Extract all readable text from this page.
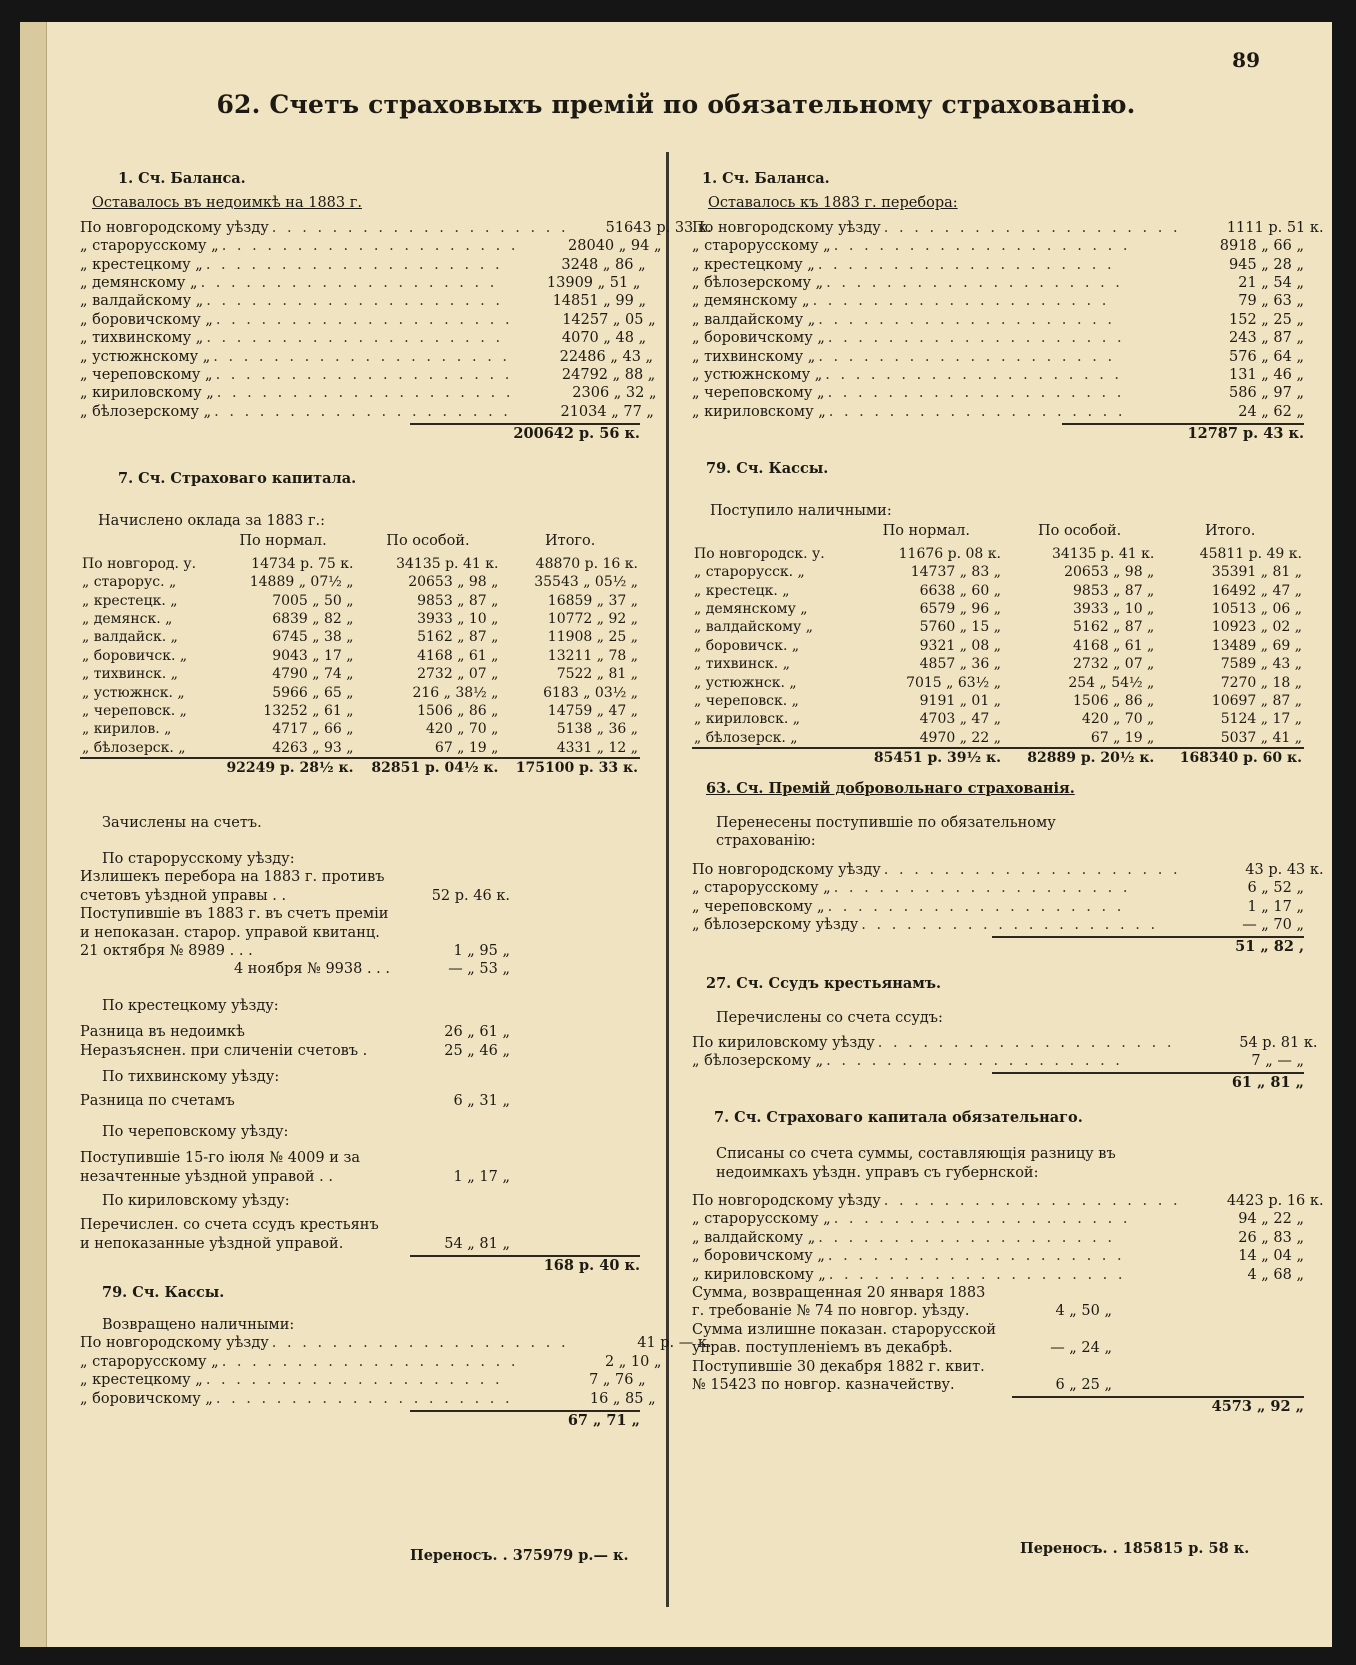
89
62. Счетъ страховыхъ премій по обязательному страхованію.
1. Сч. Баланса.
Оставалось въ недоимкѣ на 1883 г.
По новгородскому уѣзду . . . . . . . . . . . . . . . . . . . .	51643 р. 33 к.
„ старорусскому „ . . . . . . . . . . . . . . . . . . . .	28040 „ 94 „
„ крестецкому „ . . . . . . . . . . . . . . . . . . . .	3248 „ 86 „
„ демянскому „ . . . . . . . . . . . . . . . . . . . .	13909 „ 51 „
„ валдайскому „ . . . . . . . . . . . . . . . . . . . .	14851 „ 99 „
„ боровичскому „ . . . . . . . . . . . . . . . . . . . .	14257 „ 05 „
„ тихвинскому „ . . . . . . . . . . . . . . . . . . . .	4070 „ 48 „
„ устюжнскому „ . . . . . . . . . . . . . . . . . . . .	22486 „ 43 „
„ череповскому „ . . . . . . . . . . . . . . . . . . . .	24792 „ 88 „
„ кириловскому „ . . . . . . . . . . . . . . . . . . . .	2306 „ 32 „
„ бѣлозерскому „ . . . . . . . . . . . . . . . . . . . .	21034 „ 77 „
200642 р. 56 к.
7. Сч. Страховаго капитала.
Начислено оклада за 1883 г.:
	По нормал.	По особой.	Итого.
По новгород. у.	14734 р. 75 к.	34135 р. 41 к.	48870 р. 16 к.
„ старорус. „	14889 „ 07½ „	20653 „ 98 „	35543 „ 05½ „
„ крестецк. „	7005 „ 50 „	9853 „ 87 „	16859 „ 37 „
„ демянск. „	6839 „ 82 „	3933 „ 10 „	10772 „ 92 „
„ валдайск. „	6745 „ 38 „	5162 „ 87 „	11908 „ 25 „
„ боровичск. „	9043 „ 17 „	4168 „ 61 „	13211 „ 78 „
„ тихвинск. „	4790 „ 74 „	2732 „ 07 „	7522 „ 81 „
„ устюжнск. „	5966 „ 65 „	216 „ 38½ „	6183 „ 03½ „
„ череповск. „	13252 „ 61 „	1506 „ 86 „	14759 „ 47 „
„ кирилов. „	4717 „ 66 „	420 „ 70 „	5138 „ 36 „
„ бѣлозерск. „	4263 „ 93 „	67 „ 19 „	4331 „ 12 „
	92249 р. 28½ к.	82851 р. 04½ к.	175100 р. 33 к.
Зачислены на счетъ.
По старорусскому уѣзду:
Излишекъ перебора на 1883 г. противъ счетовъ уѣздной управы . .	52 р. 46 к.
Поступившіе въ 1883 г. въ счетъ преміи и непоказан. старор. управой квитанц. 21 октября № 8989 . . .	1 „ 95 „
4 ноября № 9938 . . .	— „ 53 „
По крестецкому уѣзду:
Разница въ недоимкѣ	26 „ 61 „
Неразъяснен. при сличеніи счетовъ .	25 „ 46 „
По тихвинскому уѣзду:
Разница по счетамъ	6 „ 31 „
По череповскому уѣзду:
Поступившіе 15-го іюля № 4009 и за незачтенные уѣздной управой . .	1 „ 17 „
По кириловскому уѣзду:
Перечислен. со счета ссудъ крестьянъ и непоказанные уѣздной управой.	54 „ 81 „
168 р. 40 к.
79. Сч. Кассы.
Возвращено наличными:
По новгородскому уѣзду . . . . . . . . . . . . . . . . . . . .	41 р. — к.
„ старорусскому „ . . . . . . . . . . . . . . . . . . . .	2 „ 10 „
„ крестецкому „ . . . . . . . . . . . . . . . . . . . .	7 „ 76 „
„ боровичскому „ . . . . . . . . . . . . . . . . . . . .	16 „ 85 „
67 „ 71 „
1. Сч. Баланса.
Оставалось къ 1883 г. перебора:
По новгородскому уѣзду . . . . . . . . . . . . . . . . . . . .	1111 р. 51 к.
„ старорусскому „ . . . . . . . . . . . . . . . . . . . .	8918 „ 66 „
„ крестецкому „ . . . . . . . . . . . . . . . . . . . .	945 „ 28 „
„ бѣлозерскому „ . . . . . . . . . . . . . . . . . . . .	21 „ 54 „
„ демянскому „ . . . . . . . . . . . . . . . . . . . .	79 „ 63 „
„ валдайскому „ . . . . . . . . . . . . . . . . . . . .	152 „ 25 „
„ боровичскому „ . . . . . . . . . . . . . . . . . . . .	243 „ 87 „
„ тихвинскому „ . . . . . . . . . . . . . . . . . . . .	576 „ 64 „
„ устюжнскому „ . . . . . . . . . . . . . . . . . . . .	131 „ 46 „
„ череповскому „ . . . . . . . . . . . . . . . . . . . .	586 „ 97 „
„ кириловскому „ . . . . . . . . . . . . . . . . . . . .	24 „ 62 „
12787 р. 43 к.
79. Сч. Кассы.
Поступило наличными:
	По нормал.	По особой.	Итого.
По новгородск. у.	11676 р. 08 к.	34135 р. 41 к.	45811 р. 49 к.
„ старорусск. „	14737 „ 83 „	20653 „ 98 „	35391 „ 81 „
„ крестецк. „	6638 „ 60 „	9853 „ 87 „	16492 „ 47 „
„ демянскому „	6579 „ 96 „	3933 „ 10 „	10513 „ 06 „
„ валдайскому „	5760 „ 15 „	5162 „ 87 „	10923 „ 02 „
„ боровичск. „	9321 „ 08 „	4168 „ 61 „	13489 „ 69 „
„ тихвинск. „	4857 „ 36 „	2732 „ 07 „	7589 „ 43 „
„ устюжнск. „	7015 „ 63½ „	254 „ 54½ „	7270 „ 18 „
„ череповск. „	9191 „ 01 „	1506 „ 86 „	10697 „ 87 „
„ кириловск. „	4703 „ 47 „	420 „ 70 „	5124 „ 17 „
„ бѣлозерск. „	4970 „ 22 „	67 „ 19 „	5037 „ 41 „
	85451 р. 39½ к.	82889 р. 20½ к.	168340 р. 60 к.
63. Сч. Премій добровольнаго страхованія.
Перенесены поступившіе по обязательному страхованію:
По новгородскому уѣзду . . . . . . . . . . . . . . . . . . . .	43 р. 43 к.
„ старорусскому „ . . . . . . . . . . . . . . . . . . . .	6 „ 52 „
„ череповскому „ . . . . . . . . . . . . . . . . . . . .	1 „ 17 „
„ бѣлозерскому уѣзду . . . . . . . . . . . . . . . . . . . .	— „ 70 „
51 „ 82 ,
27. Сч. Ссудъ крестьянамъ.
Перечислены со счета ссудъ:
По кириловскому уѣзду . . . . . . . . . . . . . . . . . . . .	54 р. 81 к.
„ бѣлозерскому „ . . . . . . . . . . . . . . . . . . . .	7 „ — „
61 „ 81 „
7. Сч. Страховаго капитала обязательнаго.
Списаны со счета суммы, составляющія разницу въ недоимкахъ уѣздн. управъ съ губернской:
По новгородскому уѣзду . . . . . . . . . . . . . . . . . . . .	4423 р. 16 к.
„ старорусскому „ . . . . . . . . . . . . . . . . . . . .	94 „ 22 „
„ валдайскому „ . . . . . . . . . . . . . . . . . . . .	26 „ 83 „
„ боровичскому „ . . . . . . . . . . . . . . . . . . . .	14 „ 04 „
„ кириловскому „ . . . . . . . . . . . . . . . . . . . .	4 „ 68 „
Сумма, возвращенная 20 января 1883 г. требованіе № 74 по новгор. уѣзду.	4 „ 50 „
Сумма излишне показан. старорусской управ. поступленіемъ въ декабрѣ.	— „ 24 „
Поступившіе 30 декабря 1882 г. квит. № 15423 по новгор. казначейству.	6 „ 25 „
4573 „ 92 „
Переносъ. . 375979 р.— к.	Переносъ. . 185815 р. 58 к.
